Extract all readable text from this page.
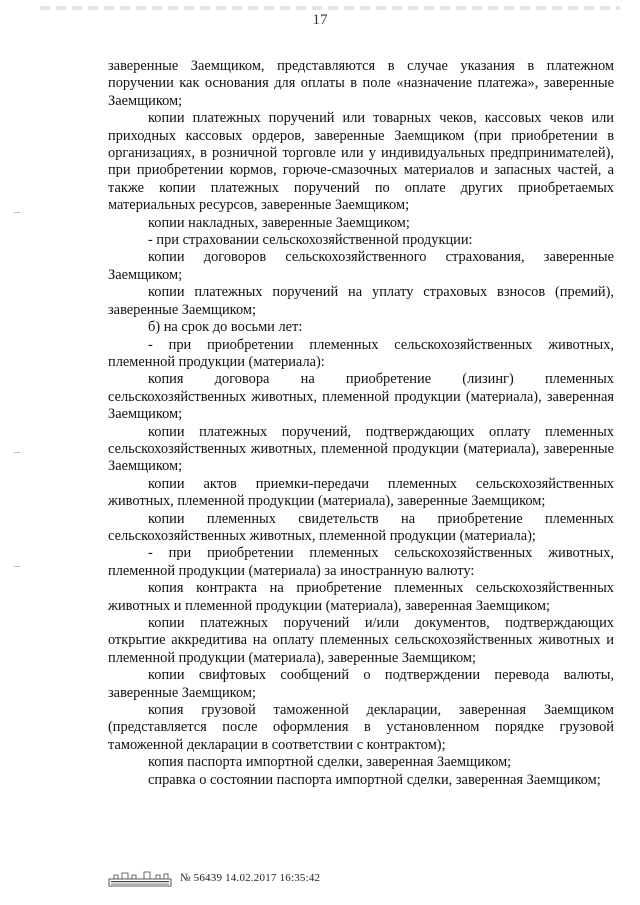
17

заверенные Заемщиком, представляются в случае указания в платежном поручении как основания для оплаты в поле «назначение платежа», заверенные Заемщиком;

копии платежных поручений или товарных чеков, кассовых чеков или приходных кассовых ордеров, заверенные Заемщиком (при приобретении в организациях, в розничной торговле или у индивидуальных предпринимателей), при приобретении кормов, горюче-смазочных материалов и запасных частей, а также копии платежных поручений по оплате других приобретаемых материальных ресурсов, заверенные Заемщиком;

копии накладных, заверенные Заемщиком;

- при страховании сельскохозяйственной продукции:

копии договоров сельскохозяйственного страхования, заверенные Заемщиком;

копии платежных поручений на уплату страховых взносов (премий), заверенные Заемщиком;

б) на срок до восьми лет:

- при приобретении племенных сельскохозяйственных животных, племенной продукции (материала):

копия договора на приобретение (лизинг) племенных сельскохозяйственных животных, племенной продукции (материала), заверенная Заемщиком;

копии платежных поручений, подтверждающих оплату племенных сельскохозяйственных животных, племенной продукции (материала), заверенные Заемщиком;

копии актов приемки-передачи племенных сельскохозяйственных животных, племенной продукции (материала), заверенные Заемщиком;

копии племенных свидетельств на приобретение племенных сельскохозяйственных животных, племенной продукции (материала);

- при приобретении племенных сельскохозяйственных животных, племенной продукции (материала) за иностранную валюту:

копия контракта на приобретение племенных сельскохозяйственных животных и племенной продукции (материала), заверенная Заемщиком;

копии платежных поручений и/или документов, подтверждающих открытие аккредитива на оплату племенных сельскохозяйственных животных и племенной продукции (материала), заверенные Заемщиком;

копии свифтовых сообщений о подтверждении перевода валюты, заверенные Заемщиком;

копия грузовой таможенной декларации, заверенная Заемщиком (представляется после оформления в установленном порядке грузовой таможенной декларации в соответствии с контрактом);

копия паспорта импортной сделки, заверенная Заемщиком;

справка о состоянии паспорта импортной сделки, заверенная Заемщиком;

№ 56439 14.02.2017 16:35:42
